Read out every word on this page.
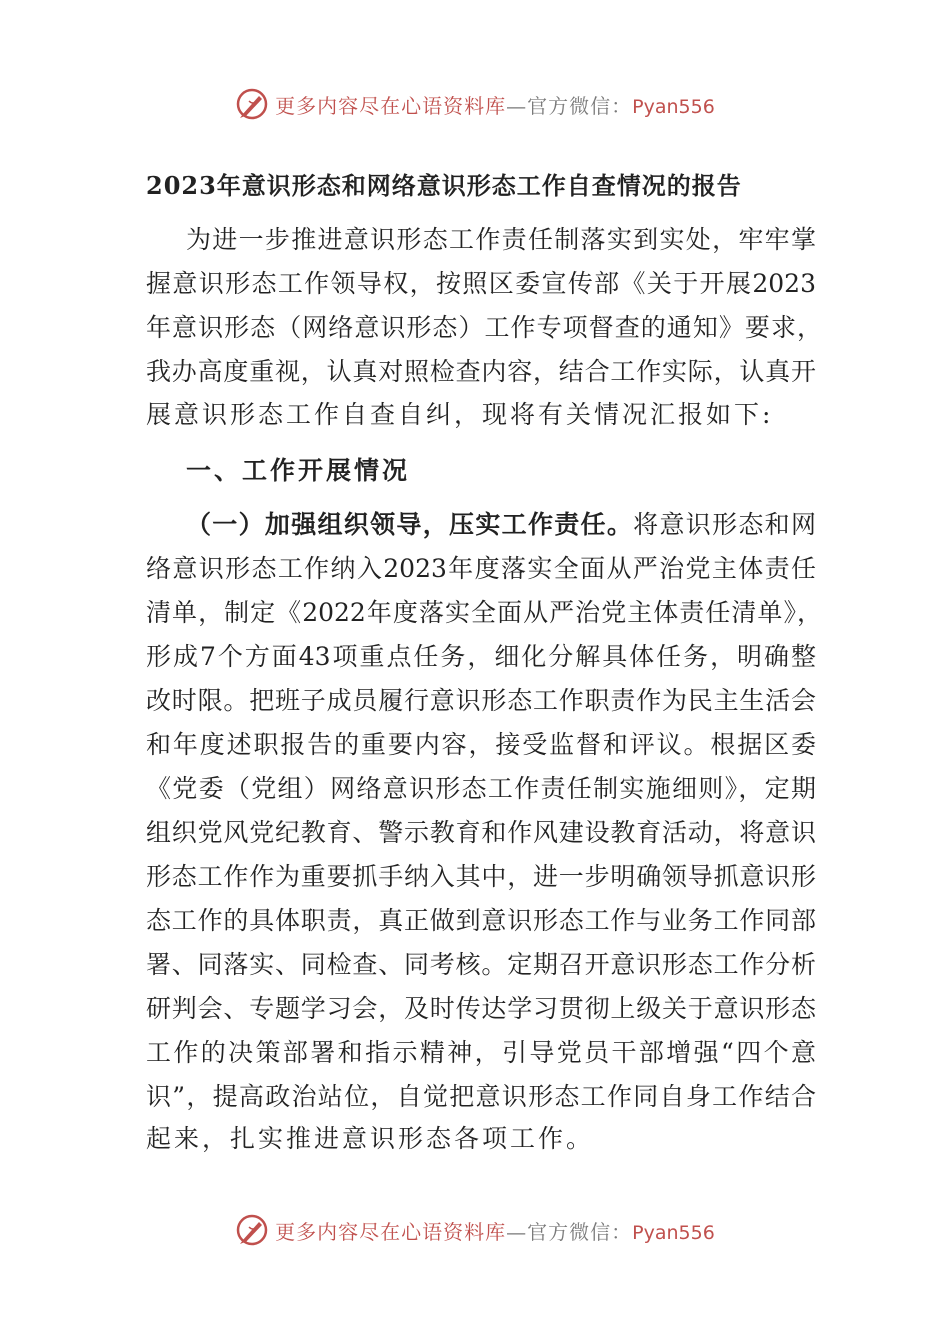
更多内容尽在心语资料库—官方微信：Pyan556
2023年意识形态和网络意识形态工作自查情况的报告
为进一步推进意识形态工作责任制落实到实处，牢牢掌
握意识形态工作领导权，按照区委宣传部《关于开展2023
年意识形态（网络意识形态）工作专项督查的通知》要求，
我办高度重视，认真对照检查内容，结合工作实际，认真开
展意识形态工作自查自纠，现将有关情况汇报如下:
一、工作开展情况
（一）加强组织领导，压实工作责任。将意识形态和网
络意识形态工作纳入2023年度落实全面从严治党主体责任
清单，制定《2022年度落实全面从严治党主体责任清单》，
形成7个方面43项重点任务，细化分解具体任务，明确整
改时限。把班子成员履行意识形态工作职责作为民主生活会
和年度述职报告的重要内容，接受监督和评议。根据区委
《党委（党组）网络意识形态工作责任制实施细则》，定期
组织党风党纪教育、警示教育和作风建设教育活动，将意识
形态工作作为重要抓手纳入其中，进一步明确领导抓意识形
态工作的具体职责，真正做到意识形态工作与业务工作同部
署、同落实、同检查、同考核。定期召开意识形态工作分析
研判会、专题学习会，及时传达学习贯彻上级关于意识形态
工作的决策部署和指示精神，引导党员干部增强“四个意
识”，提高政治站位，自觉把意识形态工作同自身工作结合
起来，扎实推进意识形态各项工作。
更多内容尽在心语资料库—官方微信：Pyan556
